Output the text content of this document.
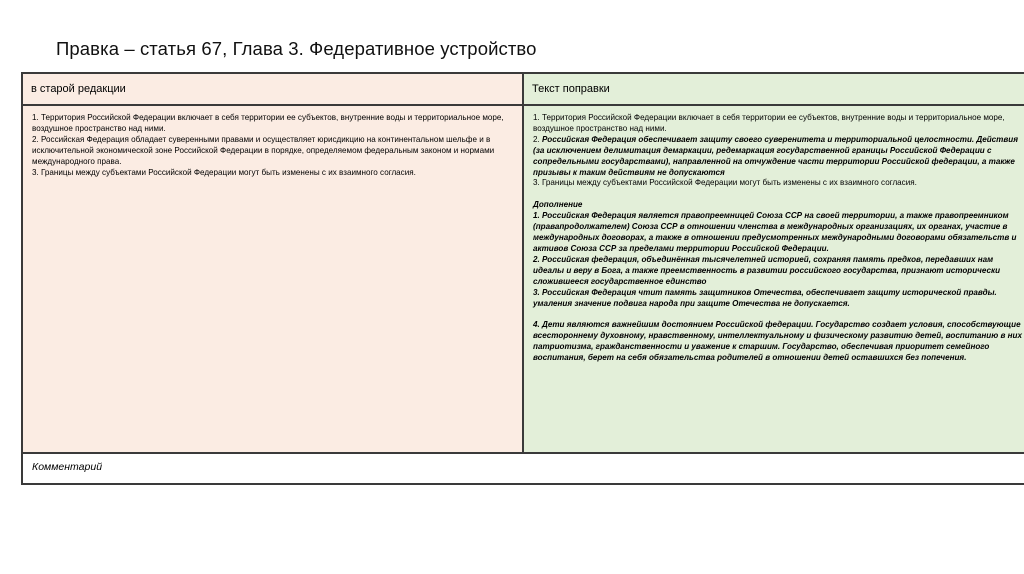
Правка – статья 67, Глава 3. Федеративное устройство
в старой редакции	Текст поправки

1. Территория Российской Федерации включает в себя территории ее субъектов, внутренние воды и территориальное море, воздушное пространство над ними.

2. Российская Федерация обладает суверенными правами и осуществляет юрисдикцию на континентальном шельфе и в исключительной экономической зоне Российской Федерации в порядке, определяемом федеральным законом и нормами международного права.

3. Границы между субъектами Российской Федерации могут быть изменены с их взаимного согласия.

1. Территория Российской Федерации включает в себя территории ее субъектов, внутренние воды и территориальное море, воздушное пространство над ними.

2. Российская Федерация обеспечивает защиту своего суверенитета и территориальной целостности. Действия (за исключением делимитация демаркации, редемаркация государственной границы Российской Федерации с сопредельными государствами), направленной на отчуждение части территории Российской федерации, а также призывы к таким действиям не допускаются

3. Границы между субъектами Российской Федерации могут быть изменены с их взаимного согласия.

Дополнение

1. Российская Федерация является правопреемницей Союза ССР на своей территории, а также правопреемником (правапродолжателем) Союза ССР в отношении членства в международных организациях, их органах, участие в международных договорах, а также в отношении предусмотренных международными договорами обязательств и активов Союза ССР за пределами территории Российской Федерации.

2. Российская федерация, объединённая тысячелетней историей, сохраняя память предков, передавших нам идеалы и веру в Бога, а также преемственность в развитии российского государства, признают исторически сложившееся государственное единство

3. Российская Федерация чтит память защитников Отечества, обеспечивает защиту исторической правды. умаления значение подвига народа при защите Отечества не допускается.

4. Дети являются важнейшим достоянием Российской федерации. Государство создает условия, способствующие всестороннему духовному, нравственному, интеллектуальному и физическому развитию детей, воспитанию в них патриотизма, гражданственности и уважение к старшим. Государство, обеспечивая приоритет семейного воспитания, берет на себя обязательства родителей в отношении детей оставшихся без попечения.

Комментарий
